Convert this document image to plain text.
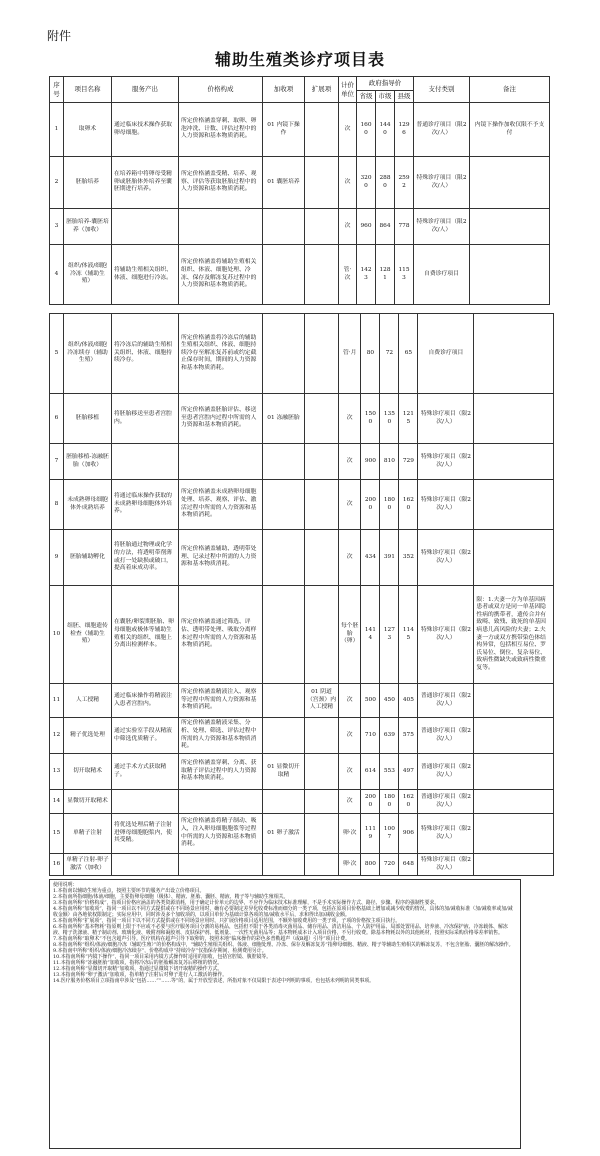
附件
辅助生殖类诊疗项目表
序号	项目名称	服务产出	价格构成	加收项	扩展项	计价单位	政府指导价			支付类别	备注
							省级	市级	县级		
1	取卵术	通过临床技术操作获取卵母细胞。	所定价格涵盖穿刺、取卵、卵泡冲洗、计数、评估过程中的人力资源和基本物质消耗。	01 内镜下操作		次	1600	1440	1296	普通诊疗项目（限2次/人）	内镜下操作加收仅限不予支付
2	胚胎培养	在培养箱中将卵母受精卵或胚胎体外培养至囊胚期进行培养。	所定价格涵盖受精、培养、观察、评估等获取胚胎过程中的人力资源和基本物质消耗。	01 囊胚培养		次	3200	2880	2592	特殊诊疗项目（限2次/人）	
3	胚胎培养-囊胚培养（加收）					次	960	864	778	特殊诊疗项目（限2次/人）	
4	组织/体液/细胞冷冻（辅助生殖）	将辅助生殖相关组织、体液、细胞进行冷冻。	所定价格涵盖将辅助生殖相关组织、体液、细胞处理、冷冻、保存及解冻复苏过程中的人力资源和基本物质消耗。			管·次	1423	1281	1153	自费诊疗项目	
5	组织/体液/细胞冷冻续存（辅助生殖）	将冷冻后的辅助生殖相关组织、体液、细胞持续冷存。	所定价格涵盖将冷冻后的辅助生殖相关组织、体液、细胞持续冷存至解冻复苏前或约定截止保存时间，期间的人力资源和基本物质消耗。			管·月	80	72	65	自费诊疗项目	
6	胚胎移植	将胚胎移送至患者宫腔内。	所定价格涵盖胚胎评估、移送至患者宫腔内过程中所需的人力资源和基本物质消耗。	01 冻融胚胎		次	1500	1350	1215	特殊诊疗项目（限2次/人）	
7	胚胎移植-冻融胚胎（加收）					次	900	810	729	特殊诊疗项目（限2次/人）	
8	未成熟卵母细胞体外成熟培养	将通过临床操作获取的未成熟卵母细胞体外培养。	所定价格涵盖未成熟卵母细胞处理、培养、观察、评估、激活过程中所需的人力资源和基本物质消耗。			次	2000	1800	1620	特殊诊疗项目（限2次/人）	
9	胚胎辅助孵化	将胚胎通过物理或化学的方法，将透明带削薄或打一处缺损或破口，提高着床成功率。	所定价格涵盖辅助、透明带处理、记录过程中所需的人力资源和基本物质消耗。			次	434	391	352	特殊诊疗项目（限2次/人）	
10	组胚、细胞遗传检查（辅助生殖）	在囊胚/卵裂期胚胎、卵母细胞或极体等辅助生殖相关的组织、细胞上分离出检测样本。	所定价格涵盖通过筛选、评估、透明带处理、吸取分离样本过程中所需的人力资源和基本物质消耗。			每个胚胎（卵）	1414	1273	1145	特殊诊疗项目（限2次/人）	限：1.夫妻一方为单基因病患者或双方是同一单基因隐性病的携带者，遗传合并有致畸、致残、致死的单基因病患儿高风险的夫妻；2.夫妻一方或双方携带染色体结构异常，包括相互易位、罗氏易位、倒位、复杂易位、致病性微缺失或致病性微重复等。
11	人工授精	通过临床操作将精液注入患者宫腔内。	所定价格涵盖精液注入、观察等过程中所需的人力资源和基本物质消耗。		01 阴道（宫颈）内人工授精	次	500	450	405	普通诊疗项目（限2次/人）	
12	精子优选处理	通过实验室手段从精液中筛选优质精子。	所定价格涵盖精液采集、分析、处理、筛选、评估过程中所需的人力资源和基本物质消耗。			次	710	639	575	普通诊疗项目（限2次/人）	
13	切开取精术	通过手术方式获取精子。	所定价格涵盖穿刺、分离、获取精子评估过程中的人力资源和基本物质消耗。	01 显微切开取精		次	614	553	497	普通诊疗项目（限2次/人）	
14	显微切开取精术					次	2000	1800	1620	普通诊疗项目（限2次/人）	
15	单精子注射	将优选处理后精子注射进卵母细胞胞浆内，使其受精。	所定价格涵盖将精子制动、吸入，注入卵母细胞胞浆等过程中所需的人力资源和基本物质消耗。	01 卵子激活		卵·次	1119	1007	906	特殊诊疗项目（限2次/人）	
16	单精子注射-卵子激活（加收）					卵·次	800	720	648	特殊诊疗项目（限2次/人）	
使用说明：
1.本指南以辅助生殖为重点，按照主要环节的服务产出设立价格项目。
2.本指南所指细胞/体液/细胞，主要指卵母细胞（极体）、精液、胚胎、囊胚、精液、精子等与辅助生殖相关。
3.本指南所称“价格构成”，指项目价格应涵盖的各类资源消耗，用于确定计价单元的边界，不应作为临床技术标准理解，不是手术实际操作方式、路径、步骤、程序的强制性要求。
4.本指南所称“加收项”，指同一项目以不同方式提供或在不同场景应用时，确有必要制定差异化收费标准而细分的一类子项，包括在原项目价格基础上增加或减少收费的情况，具体的加/减收标准（加/减收率或加/减收金额）由各地依权限制定；实际应用中，同时涉及多个加收项的，以项目单价为基础计算各项的加/减收水平后，求和得出加/减收金额。
5.本指南所称“扩展项”，指同一项目下以不同方式提供或在不同场景应用时，只扩展价格项目适用范围，不额外加收费用的一类子项，子项的价格按主项目执行。
6.本指南所称“基本物耗”指原则上限于不应或不必要与医疗服务项目分割的易耗品，包括但不限于各类消毒灭菌用品、储存用品、清洁用品、个人防护用品、局部处置用品、培养液、冷冻保护液、冷冻载体、解冻液、精子洗涤液、精子制动剂、玻璃化液、吸附剂和凝胶剂、皮肤保护剂、低剂量、一次性无菌用品等；基本物耗成本计入项目价格，不另行收费。除基本物耗以外的其他耗材，按照实际采购价格零差率销售。
7.本指南所称“取卵术”不包含超声引导。医疗机构在超声引导下取卵的，按照本地“临床操作的彩色多普勒超声（或B超）引导”项目计费。
8.本指南所称“组织/体液/细胞冷冻（辅助生殖）”的价格构成中，“辅助生殖相关组织、体液、细胞处理、冷冻、保存及解冻复苏”指卵母细胞、精液、精子等辅助生殖相关的解冻复苏，不包含胚胎、囊胚的解冻操作。
9.本指南中所称“组织/体液/细胞冷冻续存”，价格构成中“持续冷存”仅指保存期间，检测费用另计。
10.本指南所称“内镜下操作”，指同一项目采用内镜方式操作时适用的加收，包括宫腔镜、腹腔镜等。
11.本指南所称“冻融胚胎”加收项，指将冷冻后的胚胎解冻复苏后移植的情况。
12.本指南所称“显微切开取精”加收项，指通过显微镜下切开取精的操作方式。
13.本指南所称“卵子激活”加收项，指单精子注射后对卵子进行人工激活的操作。
14.医疗服务价格项目立项指南中涉及“包括……”“……等”的，属于开放型表述，所指对象不仅局限于表述中列明的事项，也包括未列明的同类事项。
